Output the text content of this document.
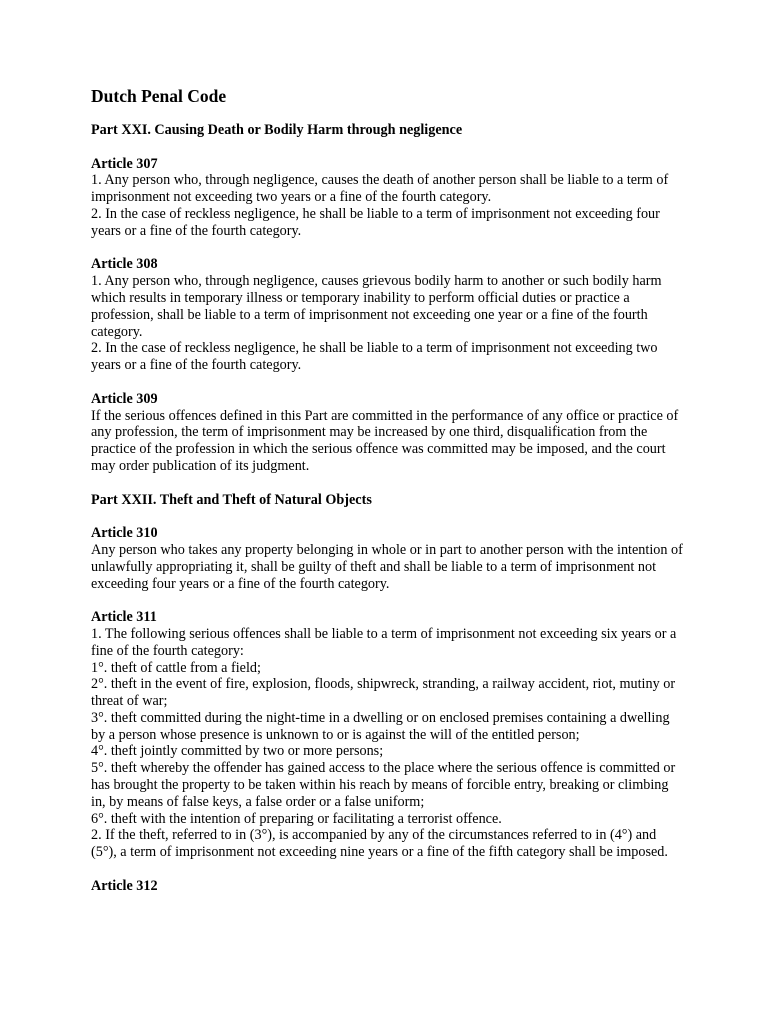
Dutch Penal Code
Part XXI. Causing Death or Bodily Harm through negligence
Article 307

1. Any person who, through negligence, causes the death of another person shall be liable to a term of imprisonment not exceeding two years or a fine of the fourth category.

2. In the case of reckless negligence, he shall be liable to a term of imprisonment not exceeding four years or a fine of the fourth category.

Article 308

1. Any person who, through negligence, causes grievous bodily harm to another or such bodily harm which results in temporary illness or temporary inability to perform official duties or practice a profession, shall be liable to a term of imprisonment not exceeding one year or a fine of the fourth category.

2. In the case of reckless negligence, he shall be liable to a term of imprisonment not exceeding two years or a fine of the fourth category.

Article 309

If the serious offences defined in this Part are committed in the performance of any office or practice of any profession, the term of imprisonment may be increased by one third, disqualification from the practice of the profession in which the serious offence was committed may be imposed, and the court may order publication of its judgment.

Part XXII. Theft and Theft of Natural Objects
Article 310

Any person who takes any property belonging in whole or in part to another person with the intention of unlawfully appropriating it, shall be guilty of theft and shall be liable to a term of imprisonment not exceeding four years or a fine of the fourth category.

Article 311

1. The following serious offences shall be liable to a term of imprisonment not exceeding six years or a fine of the fourth category:

1°. theft of cattle from a field;

2°. theft in the event of fire, explosion, floods, shipwreck, stranding, a railway accident, riot, mutiny or threat of war;

3°. theft committed during the night-time in a dwelling or on enclosed premises containing a dwelling by a person whose presence is unknown to or is against the will of the entitled person;

4°. theft jointly committed by two or more persons;

5°. theft whereby the offender has gained access to the place where the serious offence is committed or has brought the property to be taken within his reach by means of forcible entry, breaking or climbing in, by means of false keys, a false order or a false uniform;

6°. theft with the intention of preparing or facilitating a terrorist offence.

2. If the theft, referred to in (3°), is accompanied by any of the circumstances referred to in (4°) and (5°), a term of imprisonment not exceeding nine years or a fine of the fifth category shall be imposed.

Article 312
